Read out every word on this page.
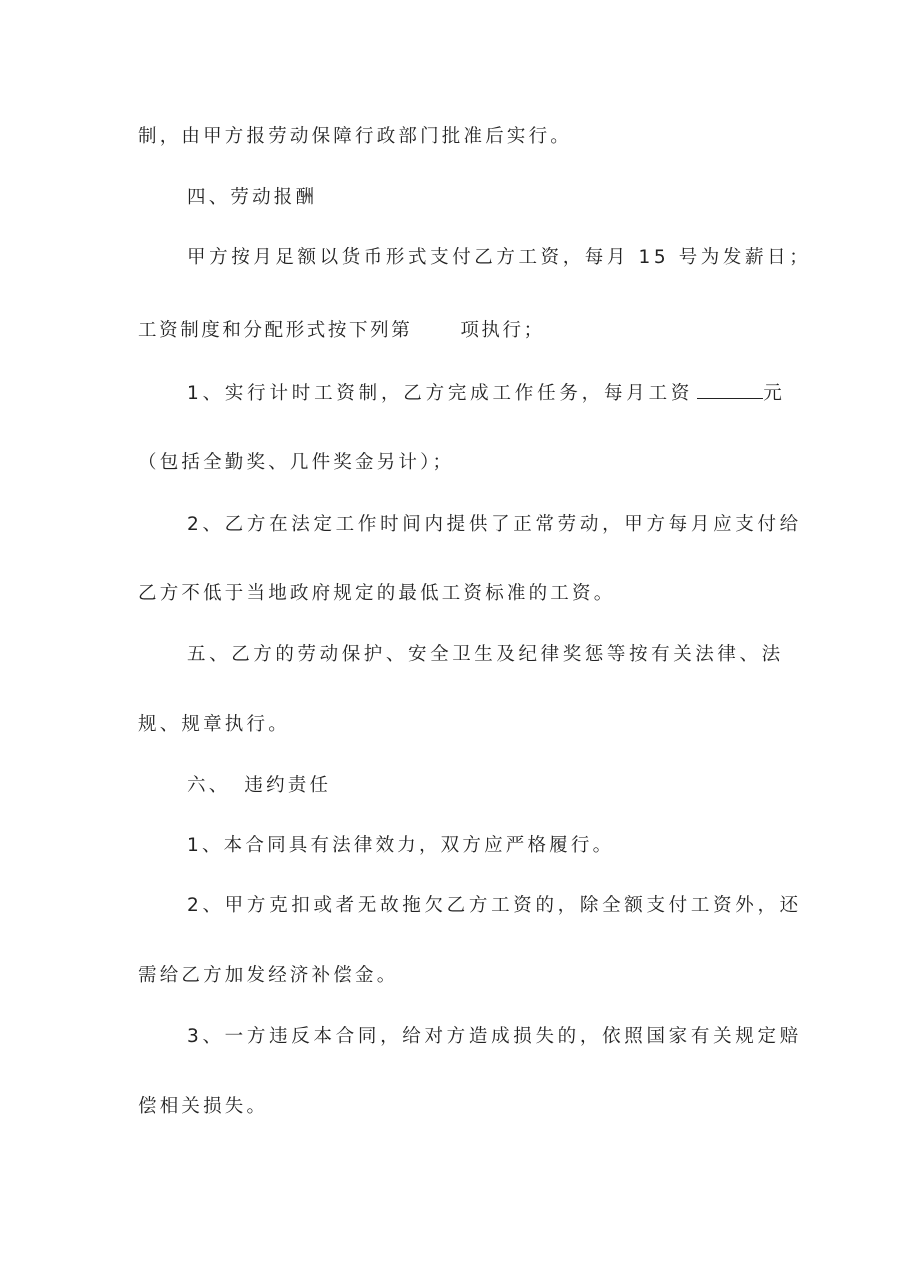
制，由甲方报劳动保障行政部门批准后实行。
四、劳动报酬
甲方按月足额以货币形式支付乙方工资，每月 15 号为发薪日；
工资制度和分配形式按下列第	项执行；
1、实行计时工资制，乙方完成工作任务，每月工资	元
（包括全勤奖、几件奖金另计）；
2、乙方在法定工作时间内提供了正常劳动，甲方每月应支付给
乙方不低于当地政府规定的最低工资标准的工资。
五、乙方的劳动保护、安全卫生及纪律奖惩等按有关法律、法
规、规章执行。
六、 违约责任
1、本合同具有法律效力，双方应严格履行。
2、甲方克扣或者无故拖欠乙方工资的，除全额支付工资外，还
需给乙方加发经济补偿金。
3、一方违反本合同，给对方造成损失的，依照国家有关规定赔
偿相关损失。
